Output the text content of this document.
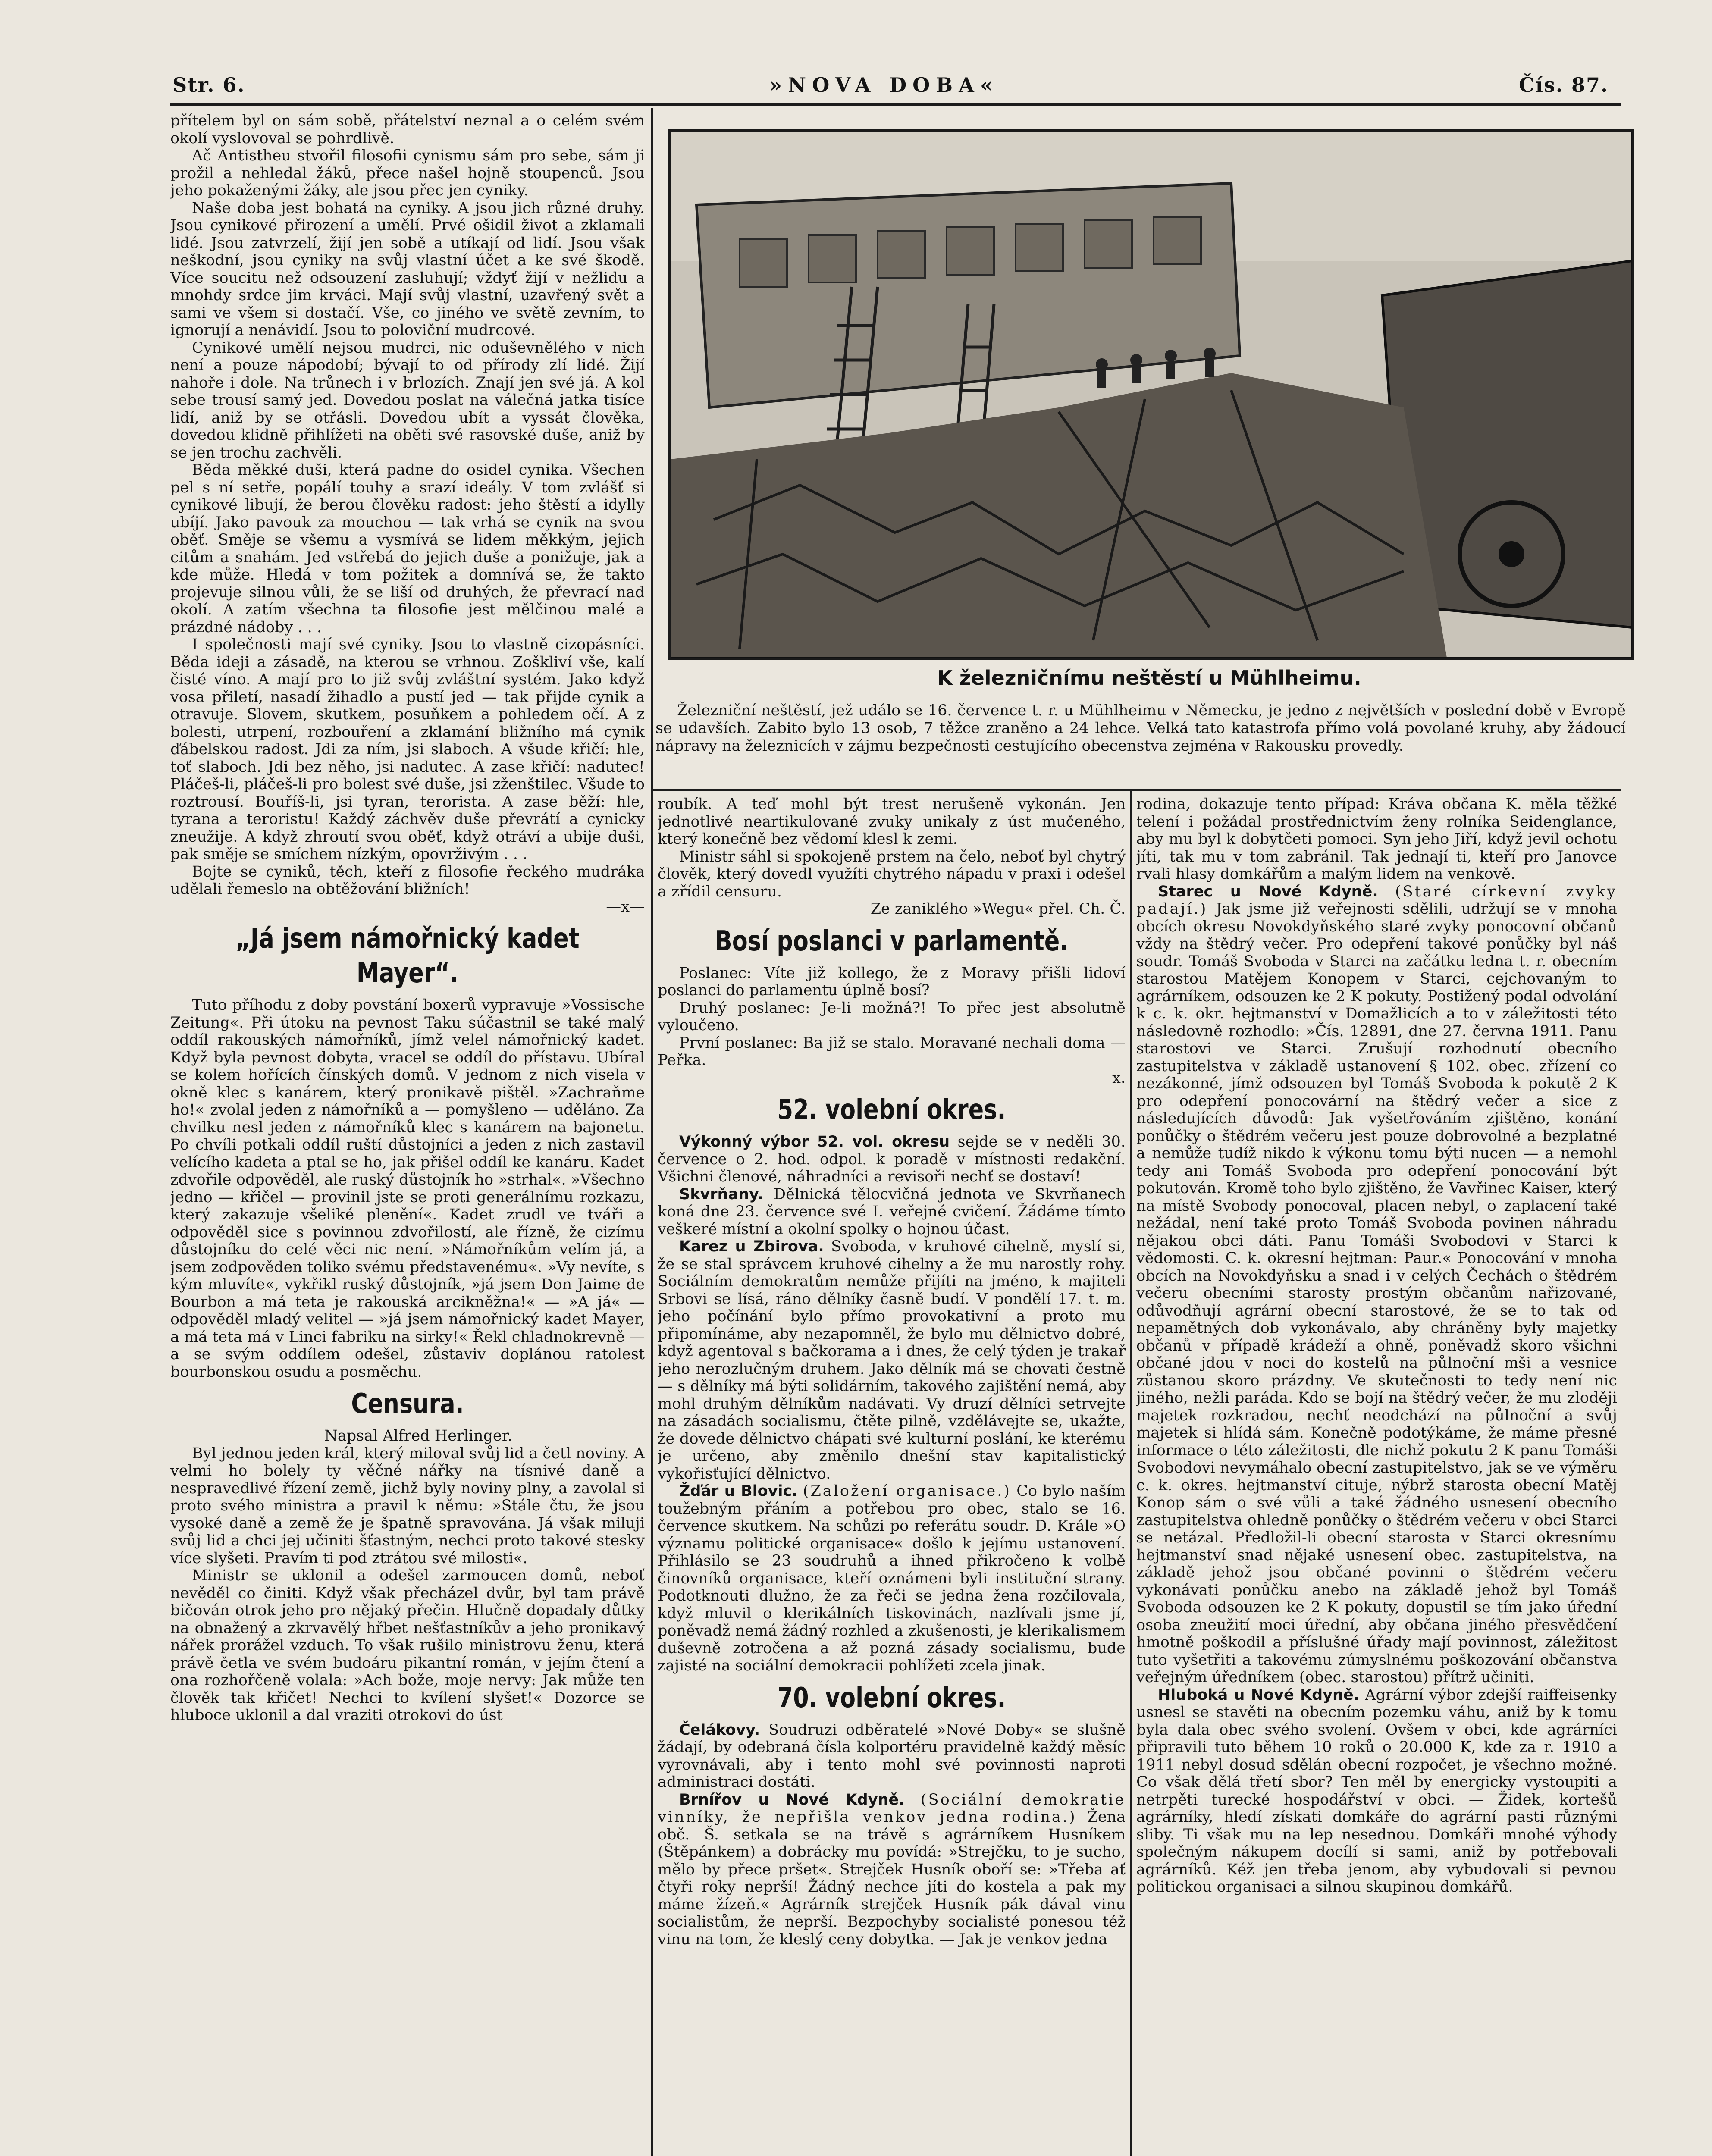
Str. 6.	»NOVA DOBA«	Čís. 87.

přítelem byl on sám sobě, přátelství neznal a o celém svém okolí vyslovoval se pohrdlivě.

Ač Antistheu stvořil filosofii cynismu sám pro sebe, sám ji prožil a nehledal žáků, přece našel hojně stoupenců. Jsou jeho pokaženými žáky, ale jsou přec jen cyniky.

Naše doba jest bohatá na cyniky. A jsou jich různé druhy. Jsou cynikové přirození a umělí. Prvé ošidil život a zklamali lidé. Jsou zatvrzelí, žijí jen sobě a utíkají od lidí. Jsou však neškodní, jsou cyniky na svůj vlastní účet a ke své škodě. Více soucitu než odsouzení zasluhují; vždyť žijí v nežlidu a mnohdy srdce jim krváci. Mají svůj vlastní, uzavřený svět a sami ve všem si dostačí. Vše, co jiného ve světě zevním, to ignorují a nenávidí. Jsou to poloviční mudrcové.

Cynikové umělí nejsou mudrci, nic oduševnělého v nich není a pouze nápodobí; bývají to od přírody zlí lidé. Žijí nahoře i dole. Na trůnech i v brlozích. Znají jen své já. A kol sebe trousí samý jed. Dovedou poslat na válečná jatka tisíce lidí, aniž by se otřásli. Dovedou ubít a vyssát člověka, dovedou klidně přihlížeti na oběti své rasovské duše, aniž by se jen trochu zachvěli.

Běda měkké duši, která padne do osidel cynika. Všechen pel s ní setře, popálí touhy a srazí ideály. V tom zvlášť si cynikové libují, že berou člověku radost: jeho štěstí a idylly ubíjí. Jako pavouk za mouchou — tak vrhá se cynik na svou oběť. Směje se všemu a vysmívá se lidem měkkým, jejich citům a snahám. Jed vstřebá do jejich duše a ponižuje, jak a kde může. Hledá v tom požitek a domnívá se, že takto projevuje silnou vůli, že se liší od druhých, že převrací nad okolí. A zatím všechna ta filosofie jest mělčinou malé a prázdné nádoby . . .

I společnosti mají své cyniky. Jsou to vlastně cizopásníci. Běda ideji a zásadě, na kterou se vrhnou. Zoškliví vše, kalí čisté víno. A mají pro to již svůj zvláštní systém. Jako když vosa přiletí, nasadí žihadlo a pustí jed — tak přijde cynik a otravuje. Slovem, skutkem, posuňkem a pohledem očí. A z bolesti, utrpení, rozbouření a zklamání bližního má cynik ďábelskou radost. Jdi za ním, jsi slaboch. A všude křičí: hle, toť slaboch. Jdi bez něho, jsi nadutec. A zase křičí: nadutec! Pláčeš-li, pláčeš-li pro bolest své duše, jsi zženštilec. Všude to roztrousí. Bouříš-li, jsi tyran, terorista. A zase běží: hle, tyrana a teroristu! Každý záchvěv duše převrátí a cynicky zneužije. A když zhroutí svou oběť, když otráví a ubije duši, pak směje se smíchem nízkým, opovrživým . . .

Bojte se cyniků, těch, kteří z filosofie řeckého mudráka udělali řemeslo na obtěžování bližních!

—x—

„Já jsem námořnický kadet Mayer“.

Tuto příhodu z doby povstání boxerů vypravuje »Vossische Zeitung«. Při útoku na pevnost Taku súčastnil se také malý oddíl rakouských námořníků, jímž velel námořnický kadet. Když byla pevnost dobyta, vracel se oddíl do přístavu. Ubíral se kolem hořících čínských domů. V jednom z nich visela v okně klec s kanárem, který pronikavě pištěl. »Zachraňme ho!« zvolal jeden z námořníků a — pomyšleno — uděláno. Za chvilku nesl jeden z námořníků klec s kanárem na bajonetu. Po chvíli potkali oddíl ruští důstojníci a jeden z nich zastavil velícího kadeta a ptal se ho, jak přišel oddíl ke kanáru. Kadet zdvořile odpověděl, ale ruský důstojník ho »strhal«. »Všechno jedno — křičel — provinil jste se proti generálnímu rozkazu, který zakazuje všeliké plenění«. Kadet zrudl ve tváři a odpověděl sice s povinnou zdvořilostí, ale řízně, že cizímu důstojníku do celé věci nic není. »Námořníkům velím já, a jsem zodpověden toliko svému představenému«. »Vy nevíte, s kým mluvíte«, vykřikl ruský důstojník, »já jsem Don Jaime de Bourbon a má teta je rakouská arcikněžna!« — »A já« — odpověděl mladý velitel — »já jsem námořnický kadet Mayer, a má teta má v Linci fabriku na sirky!« Řekl chladnokrevně — a se svým oddílem odešel, zůstaviv doplánou ratolest bourbonskou osudu a posměchu.

Censura.

Napsal Alfred Herlinger.

Byl jednou jeden král, který miloval svůj lid a četl noviny. A velmi ho bolely ty věčné nářky na tísnivé daně a nespravedlivé řízení země, jichž byly noviny plny, a zavolal si proto svého ministra a pravil k němu: »Stále čtu, že jsou vysoké daně a země že je špatně spravována. Já však miluji svůj lid a chci jej učiniti šťastným, nechci proto takové stesky více slyšeti. Pravím ti pod ztrátou své milosti«.

Ministr se uklonil a odešel zarmoucen domů, neboť nevěděl co činiti. Když však přecházel dvůr, byl tam právě bičován otrok jeho pro nějaký přečin. Hlučně dopadaly důtky na obnažený a zkrvavělý hřbet nešťastníkův a jeho pronikavý nářek prorážel vzduch. To však rušilo ministrovu ženu, která právě četla ve svém budoáru pikantní román, v jejím čtení a ona rozhořčeně volala: »Ach bože, moje nervy: Jak může ten člověk tak křičet! Nechci to kvílení slyšet!« Dozorce se hluboce uklonil a dal vraziti otrokovi do úst

K železničnímu neštěstí u Mühlheimu.

Železniční neštěstí, jež událo se 16. července t. r. u Mühlheimu v Německu, je jedno z největších v poslední době v Evropě se udavších. Zabito bylo 13 osob, 7 těžce zraněno a 24 lehce. Velká tato katastrofa přímo volá povolané kruhy, aby žádoucí nápravy na železnicích v zájmu bezpečnosti cestujícího obecenstva zejména v Rakousku provedly.

roubík. A teď mohl být trest nerušeně vykonán. Jen jednotlivé neartikulované zvuky unikaly z úst mučeného, který konečně bez vědomí klesl k zemi.

Ministr sáhl si spokojeně prstem na čelo, neboť byl chytrý člověk, který dovedl využíti chytrého nápadu v praxi i odešel a zřídil censuru.

Ze zaniklého »Wegu« přel. Ch. Č.

Bosí poslanci v parlamentě.

Poslanec: Víte již kollego, že z Moravy přišli lidoví poslanci do parlamentu úplně bosí?

Druhý poslanec: Je-li možná?! To přec jest absolutně vyloučeno.

První poslanec: Ba již se stalo. Moravané nechali doma — Peřka.

x.

52. volební okres.

Výkonný výbor 52. vol. okresu sejde se v neděli 30. července o 2. hod. odpol. k poradě v místnosti redakční. Všichni členové, náhradníci a revisoři nechť se dostaví!

Skvrňany. Dělnická tělocvičná jednota ve Skvrňanech koná dne 23. července své I. veřejné cvičení. Žádáme tímto veškeré místní a okolní spolky o hojnou účast.

Karez u Zbirova. Svoboda, v kruhové cihelně, myslí si, že se stal správcem kruhové cihelny a že mu narostly rohy. Sociálním demokratům nemůže přijíti na jméno, k majiteli Srbovi se lísá, ráno dělníky časně budí. V pondělí 17. t. m. jeho počínání bylo přímo provokativní a proto mu připomínáme, aby nezapomněl, že bylo mu dělnictvo dobré, když agentoval s bačkorama a i dnes, že celý týden je trakař jeho nerozlučným druhem. Jako dělník má se chovati čestně — s dělníky má býti solidárním, takového zajištění nemá, aby mohl druhým dělníkům nadávati. Vy druzí dělníci setrvejte na zásadách socialismu, čtěte pilně, vzdělávejte se, ukažte, že dovede dělnictvo chápati své kulturní poslání, ke kterému je určeno, aby změnilo dnešní stav kapitalistický vykořisťující dělnictvo.

Žďár u Blovic. (Založení organisace.) Co bylo naším toužebným přáním a potřebou pro obec, stalo se 16. července skutkem. Na schůzi po referátu soudr. D. Krále »O významu politické organisace« došlo k jejímu ustanovení. Přihlásilo se 23 soudruhů a ihned přikročeno k volbě činovníků organisace, kteří oznámeni byli instituční strany. Podotknouti dlužno, že za řeči se jedna žena rozčilovala, když mluvil o klerikálních tiskovinách, nazlívali jsme jí, poněvadž nemá žádný rozhled a zkušenosti, je klerikalismem duševně zotročena a až pozná zásady socialismu, bude zajisté na sociální demokracii pohlížeti zcela jinak.

70. volební okres.

Čelákovy. Soudruzi odběratelé »Nové Doby« se slušně žádají, by odebraná čísla kolportéru pravidelně každý měsíc vyrovnávali, aby i tento mohl své povinnosti naproti administraci dostáti.

Brnířov u Nové Kdyně. (Sociální demokratie vinníky, že nepřišla venkov jedna rodina.) Žena obč. Š. setkala se na trávě s agrárníkem Husníkem (Štěpánkem) a dobrácky mu povídá: »Strejčku, to je sucho, mělo by přece pršet«. Strejček Husník oboří se: »Třeba ať čtyři roky neprší! Žádný nechce jíti do kostela a pak my máme žízeň.« Agrárník strejček Husník pák dával vinu socialistům, že neprší. Bezpochyby socialisté ponesou též vinu na tom, že kleslý ceny dobytka. — Jak je venkov jedna

rodina, dokazuje tento případ: Kráva občana K. měla těžké telení i požádal prostřednictvím ženy rolníka Seidenglance, aby mu byl k dobytčeti pomoci. Syn jeho Jiří, když jevil ochotu jíti, tak mu v tom zabránil. Tak jednají ti, kteří pro Janovce rvali hlasy domkářům a malým lidem na venkově.

Starec u Nové Kdyně. (Staré církevní zvyky padají.) Jak jsme již veřejnosti sdělili, udržují se v mnoha obcích okresu Novokdyňského staré zvyky ponocovní občanů vždy na štědrý večer. Pro odepření takové ponůčky byl náš soudr. Tomáš Svoboda v Starci na začátku ledna t. r. obecním starostou Matějem Konopem v Starci, cejchovaným to agrárníkem, odsouzen ke 2 K pokuty. Postižený podal odvolání k c. k. okr. hejtmanství v Domažlicích a to v záležitosti této následovně rozhodlo: »Čís. 12891, dne 27. června 1911. Panu starostovi ve Starci. Zrušují rozhodnutí obecního zastupitelstva v základě ustanovení § 102. obec. zřízení co nezákonné, jímž odsouzen byl Tomáš Svoboda k pokutě 2 K pro odepření ponocovární na štědrý večer a sice z následujících důvodů: Jak vyšetřováním zjištěno, konání ponůčky o štědrém večeru jest pouze dobrovolné a bezplatné a nemůže tudíž nikdo k výkonu tomu býti nucen — a nemohl tedy ani Tomáš Svoboda pro odepření ponocování být pokutován. Kromě toho bylo zjištěno, že Vavřinec Kaiser, který na místě Svobody ponocoval, placen nebyl, o zaplacení také nežádal, není také proto Tomáš Svoboda povinen náhradu nějakou obci dáti. Panu Tomáši Svobodovi v Starci k vědomosti. C. k. okresní hejtman: Paur.« Ponocování v mnoha obcích na Novokdyňsku a snad i v celých Čechách o štědrém večeru obecními starosty prostým občanům nařizované, odůvodňují agrární obecní starostové, že se to tak od nepamětných dob vykonávalo, aby chráněny byly majetky občanů v případě krádeží a ohně, poněvadž skoro všichni občané jdou v noci do kostelů na půlnoční mši a vesnice zůstanou skoro prázdny. Ve skutečnosti to tedy není nic jiného, nežli paráda. Kdo se bojí na štědrý večer, že mu zloději majetek rozkradou, nechť neodchází na půlnoční a svůj majetek si hlídá sám. Konečně podotýkáme, že máme přesné informace o této záležitosti, dle nichž pokutu 2 K panu Tomáši Svobodovi nevymáhalo obecní zastupitelstvo, jak se ve výměru c. k. okres. hejtmanství cituje, nýbrž starosta obecní Matěj Konop sám o své vůli a také žádného usnesení obecního zastupitelstva ohledně ponůčky o štědrém večeru v obci Starci se netázal. Předložil-li obecní starosta v Starci okresnímu hejtmanství snad nějaké usnesení obec. zastupitelstva, na základě jehož jsou občané povinni o štědrém večeru vykonávati ponůčku anebo na základě jehož byl Tomáš Svoboda odsouzen ke 2 K pokuty, dopustil se tím jako úřední osoba zneužití moci úřední, aby občana jiného přesvědčení hmotně poškodil a příslušné úřady mají povinnost, záležitost tuto vyšetřiti a takovému zúmyslnému poškozování občanstva veřejným úředníkem (obec. starostou) přítrž učiniti.

Hluboká u Nové Kdyně. Agrární výbor zdejší raiffeisenky usnesl se stavěti na obecním pozemku váhu, aniž by k tomu byla dala obec svého svolení. Ovšem v obci, kde agrárníci připravili tuto během 10 roků o 20.000 K, kde za r. 1910 a 1911 nebyl dosud sdělán obecní rozpočet, je všechno možné. Co však dělá třetí sbor? Ten měl by energicky vystoupiti a netrpěti turecké hospodářství v obci. — Židek, kortešů agrárníky, hledí získati domkáře do agrární pasti různými sliby. Ti však mu na lep nesednou. Domkáři mnohé výhody společným nákupem docílí si sami, aniž by potřebovali agrárníků. Kéž jen třeba jenom, aby vybudovali si pevnou politickou organisaci a silnou skupinou domkářů.
